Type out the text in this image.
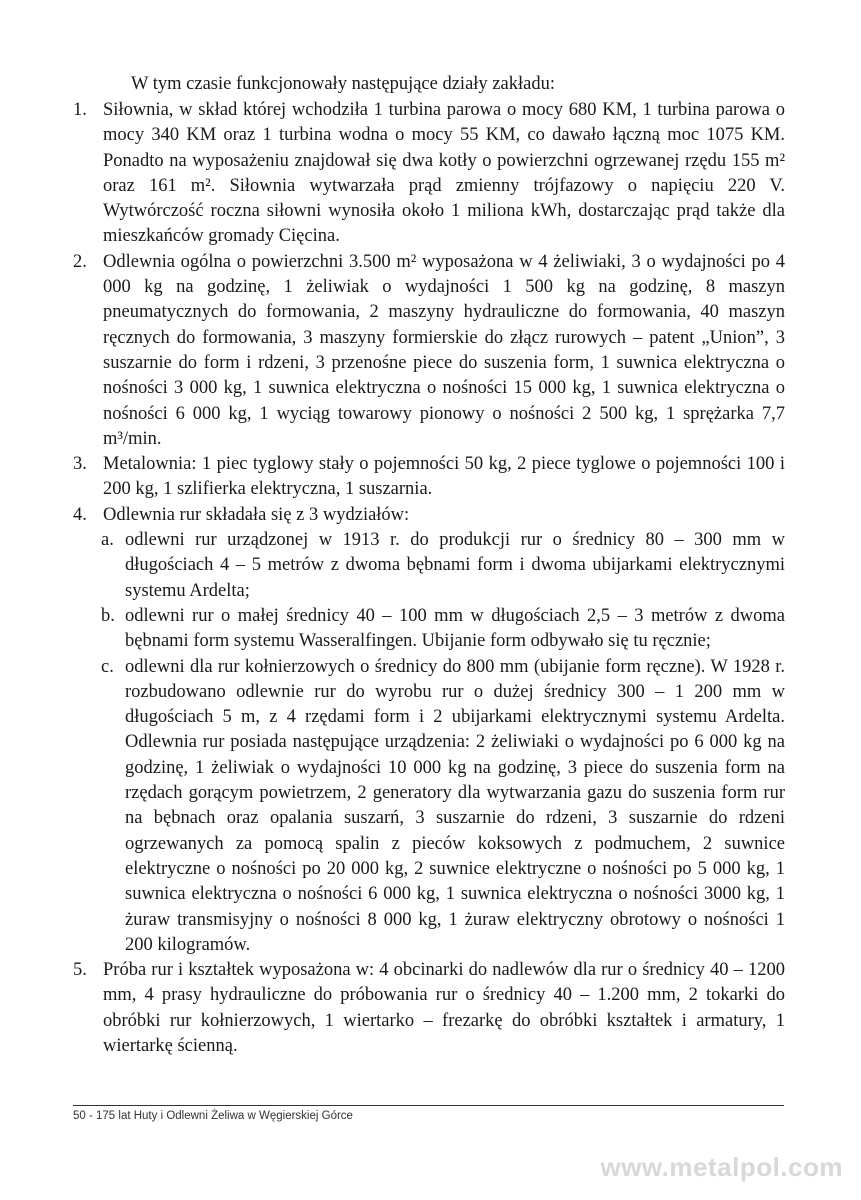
W tym czasie funkcjonowały następujące działy zakładu:

1. Siłownia, w skład której wchodziła 1 turbina parowa o mocy 680 KM, 1 turbina parowa o mocy 340 KM oraz 1 turbina wodna o mocy 55 KM, co dawało łączną moc 1075 KM. Ponadto na wyposażeniu znajdował się dwa kotły o powierzchni ogrzewanej rzędu 155 m² oraz 161 m². Siłownia wytwarzała prąd zmienny trójfazowy o napięciu 220 V. Wytwórczość roczna siłowni wynosiła około 1 miliona kWh, dostarczając prąd także dla mieszkańców gromady Cięcina.
2. Odlewnia ogólna o powierzchni 3.500 m² wyposażona w 4 żeliwiaki, 3 o wydajności po 4 000 kg na godzinę, 1 żeliwiak o wydajności 1 500 kg na godzinę, 8 maszyn pneumatycznych do formowania, 2 maszyny hydrauliczne do formowania, 40 maszyn ręcznych do formowania, 3 maszyny formierskie do złącz rurowych – patent „Union”, 3 suszarnie do form i rdzeni, 3 przenośne piece do suszenia form, 1 suwnica elektryczna o nośności 3 000 kg, 1 suwnica elektryczna o nośności 15 000 kg, 1 suwnica elektryczna o nośności 6 000 kg, 1 wyciąg towarowy pionowy o nośności 2 500 kg, 1 sprężarka 7,7 m³/min.
3. Metalownia: 1 piec tyglowy stały o pojemności 50 kg, 2 piece tyglowe o pojemności 100 i 200 kg, 1 szlifierka elektryczna, 1 suszarnia.
4. Odlewnia rur składała się z 3 wydziałów:
a. odlewni rur urządzonej w 1913 r. do produkcji rur o średnicy 80 – 300 mm w długościach 4 – 5 metrów z dwoma bębnami form i dwoma ubijarkami elektrycznymi systemu Ardelta;
b. odlewni rur o małej średnicy 40 – 100 mm w długościach 2,5 – 3 metrów z dwoma bębnami form systemu Wasseralfingen. Ubijanie form odbywało się tu ręcznie;
c. odlewni dla rur kołnierzowych o średnicy do 800 mm (ubijanie form ręczne). W 1928 r. rozbudowano odlewnie rur do wyrobu rur o dużej średnicy 300 – 1 200 mm w długościach 5 m, z 4 rzędami form i 2 ubijarkami elektrycznymi systemu Ardelta. Odlewnia rur posiada następujące urządzenia: 2 żeliwiaki o wydajności po 6 000 kg na godzinę, 1 żeliwiak o wydajności 10 000 kg na godzinę, 3 piece do suszenia form na rzędach gorącym powietrzem, 2 generatory dla wytwarzania gazu do suszenia form rur na bębnach oraz opalania suszarń, 3 suszarnie do rdzeni, 3 suszarnie do rdzeni ogrzewanych za pomocą spalin z pieców koksowych z podmuchem, 2 suwnice elektryczne o nośności po 20 000 kg, 2 suwnice elektryczne o nośności po 5 000 kg, 1 suwnica elektryczna o nośności 6 000 kg, 1 suwnica elektryczna o nośności 3000 kg, 1 żuraw transmisyjny o nośności 8 000 kg, 1 żuraw elektryczny obrotowy o nośności 1 200 kilogramów.
5. Próba rur i kształtek wyposażona w: 4 obcinarki do nadlewów dla rur o średnicy 40 – 1200 mm, 4 prasy hydrauliczne do próbowania rur o średnicy 40 – 1.200 mm, 2 tokarki do obróbki rur kołnierzowych, 1 wiertarko – frezarkę do obróbki kształtek i armatury, 1 wiertarkę ścienną.
50 - 175 lat Huty i Odlewni Żeliwa w Węgierskiej Górce
www.metalpol.com
